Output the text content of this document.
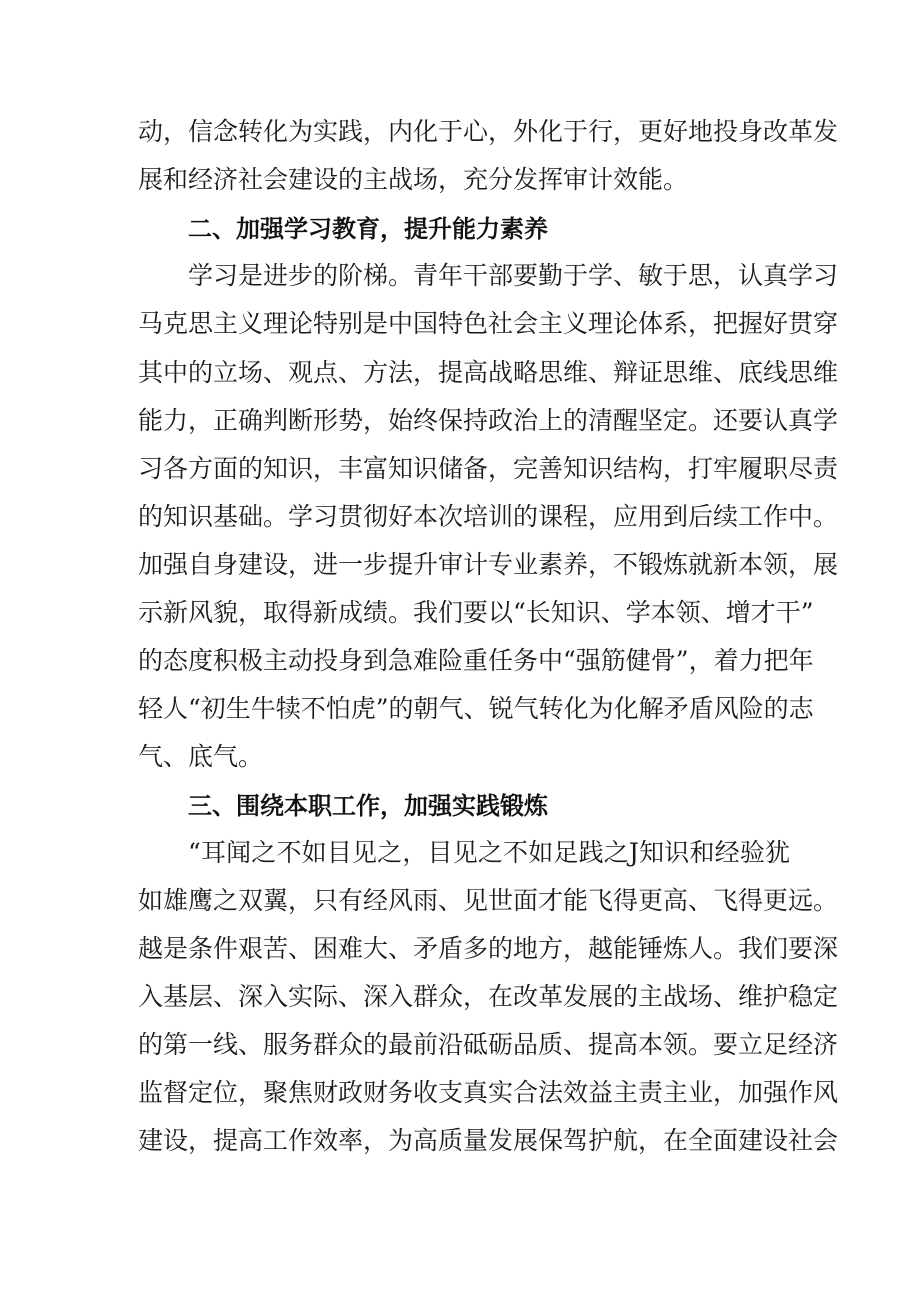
动，信念转化为实践，内化于心，外化于行，更好地投身改革发

展和经济社会建设的主战场，充分发挥审计效能。

二、加强学习教育，提升能力素养

学习是进步的阶梯。青年干部要勤于学、敏于思，认真学习

马克思主义理论特别是中国特色社会主义理论体系，把握好贯穿

其中的立场、观点、方法，提高战略思维、辩证思维、底线思维

能力，正确判断形势，始终保持政治上的清醒坚定。还要认真学

习各方面的知识，丰富知识储备，完善知识结构，打牢履职尽责

的知识基础。学习贯彻好本次培训的课程，应用到后续工作中。

加强自身建设，进一步提升审计专业素养，不锻炼就新本领，展

示新风貌，取得新成绩。我们要以“长知识、学本领、增才干”

的态度积极主动投身到急难险重任务中“强筋健骨”，着力把年

轻人“初生牛犊不怕虎”的朝气、锐气转化为化解矛盾风险的志

气、底气。

三、围绕本职工作，加强实践锻炼

“耳闻之不如目见之，目见之不如足践之J知识和经验犹

如雄鹰之双翼，只有经风雨、见世面才能飞得更高、飞得更远。

越是条件艰苦、困难大、矛盾多的地方，越能锤炼人。我们要深

入基层、深入实际、深入群众，在改革发展的主战场、维护稳定

的第一线、服务群众的最前沿砥砺品质、提高本领。要立足经济

监督定位，聚焦财政财务收支真实合法效益主责主业，加强作风

建设，提高工作效率，为高质量发展保驾护航，在全面建设社会
